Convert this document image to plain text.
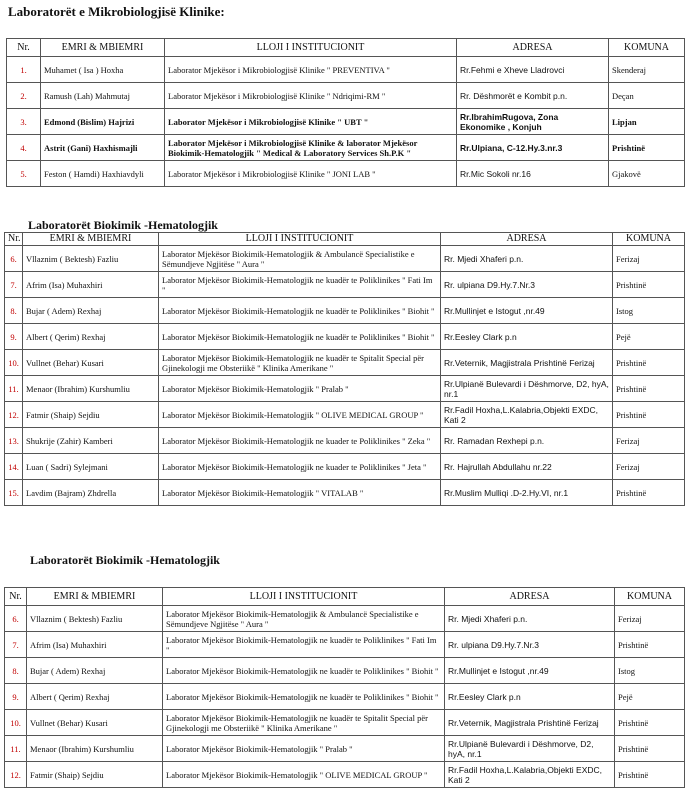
Laboratorët e Mikrobiologjisë Klinike:
Nr.	EMRI & MBIEMRI	LLOJI I INSTITUCIONIT	ADRESA	KOMUNA
1.	Muhamet ( Isa ) Hoxha	Laborator Mjekësor i Mikrobiologjisë Klinike " PREVENTIVA "	Rr.Fehmi e Xheve Lladrovci	Skenderaj
2.	Ramush (Lah) Mahmutaj	Laborator Mjekësor i Mikrobiologjisë Klinike " Ndriqimi-RM "	Rr. Dëshmorët e Kombit p.n.	Deçan
3.	Edmond (Bislim) Hajrizi	Laborator Mjekësor i Mikrobiologjisë Klinike " UBT "	Rr.IbrahimRugova, Zona Ekonomike , Konjuh	Lipjan
4.	Astrit (Gani) Haxhismajli	Laborator Mjekësor i Mikrobiologjisë Klinike & laborator Mjekësor Biokimik-Hematologjik " Medical & Laboratory Services Sh.P.K "	Rr.Ulpiana, C-12.Hy.3.nr.3	Prishtinë
5.	Feston ( Hamdi) Haxhiavdyli	Laborator Mjekësor i Mikrobiologjisë Klinike " JONI LAB "	Rr.Mic Sokoli nr.16	Gjakovë
Laboratorët Biokimik -Hematologjik
Nr.	EMRI & MBIEMRI	LLOJI I INSTITUCIONIT	ADRESA	KOMUNA
6.	Vllaznim ( Bektesh) Fazliu	Laborator Mjekësor Biokimik-Hematologjik & Ambulancë Specialistike e Sëmundjeve Ngjitëse " Aura "	Rr. Mjedi Xhaferi p.n.	Ferizaj
7.	Afrim (Isa) Muhaxhiri	Laborator Mjekësor Biokimik-Hematologjik ne kuadër te Poliklinikes " Fati Im "	Rr. ulpiana D9.Hy.7.Nr.3	Prishtinë
8.	Bujar ( Adem) Rexhaj	Laborator Mjekësor Biokimik-Hematologjik ne kuadër te Poliklinikes " Biohit "	Rr.Mullinjet e Istogut ,nr.49	Istog
9.	Albert ( Qerim) Rexhaj	Laborator Mjekësor Biokimik-Hematologjik ne kuadër te Poliklinikes " Biohit "	Rr.Eesley Clark p.n	Pejë
10.	Vullnet (Behar) Kusari	Laborator Mjekësor Biokimik-Hematologjik ne kuadër te Spitalit Special për Gjinekologji me Obsteriikë " Klinika Amerikane "	Rr.Veternik, Magjistrala Prishtinë Ferizaj	Prishtinë
11.	Menaor (Ibrahim) Kurshumliu	Laborator Mjekësor Biokimik-Hematologjik " Pralab "	Rr.Ulpianë Bulevardi i Dëshmorve, D2, hyA, nr.1	Prishtinë
12.	Fatmir (Shaip) Sejdiu	Laborator Mjekësor Biokimik-Hematologjik " OLIVE MEDICAL GROUP "	Rr.Fadil Hoxha,L.Kalabria,Objekti EXDC, Kati 2	Prishtinë
13.	Shukrije (Zahir) Kamberi	Laborator Mjekësor Biokimik-Hematologjik ne kuader te Poliklinikes " Zeka "	Rr. Ramadan Rexhepi p.n.	Ferizaj
14.	Luan ( Sadri) Sylejmani	Laborator Mjekësor Biokimik-Hematologjik ne kuader te Poliklinikes " Jeta "	Rr. Hajrullah Abdullahu nr.22	Ferizaj
15.	Lavdim (Bajram) Zhdrella	Laborator Mjekësor Biokimik-Hematologjik " VITALAB "	Rr.Muslim Mulliqi .D-2.Hy.VI, nr.1	Prishtinë
Laboratorët Biokimik -Hematologjik
Nr.	EMRI & MBIEMRI	LLOJI I INSTITUCIONIT	ADRESA	KOMUNA
6.	Vllaznim ( Bektesh) Fazliu	Laborator Mjekësor Biokimik-Hematologjik & Ambulancë Specialistike e Sëmundjeve Ngjitëse " Aura "	Rr. Mjedi Xhaferi p.n.	Ferizaj
7.	Afrim (Isa) Muhaxhiri	Laborator Mjekësor Biokimik-Hematologjik ne kuadër te Poliklinikes " Fati Im "	Rr. ulpiana D9.Hy.7.Nr.3	Prishtinë
8.	Bujar ( Adem) Rexhaj	Laborator Mjekësor Biokimik-Hematologjik ne kuadër te Poliklinikes " Biohit "	Rr.Mullinjet e Istogut ,nr.49	Istog
9.	Albert ( Qerim) Rexhaj	Laborator Mjekësor Biokimik-Hematologjik ne kuadër te Poliklinikes " Biohit "	Rr.Eesley Clark p.n	Pejë
10.	Vullnet (Behar) Kusari	Laborator Mjekësor Biokimik-Hematologjik ne kuadër te Spitalit Special për Gjinekologji me Obsteriikë " Klinika Amerikane "	Rr.Veternik, Magjistrala Prishtinë Ferizaj	Prishtinë
11.	Menaor (Ibrahim) Kurshumliu	Laborator Mjekësor Biokimik-Hematologjik " Pralab "	Rr.Ulpianë Bulevardi i Dëshmorve, D2, hyA, nr.1	Prishtinë
12.	Fatmir (Shaip) Sejdiu	Laborator Mjekësor Biokimik-Hematologjik " OLIVE MEDICAL GROUP "	Rr.Fadil Hoxha,L.Kalabria,Objekti EXDC, Kati 2	Prishtinë
